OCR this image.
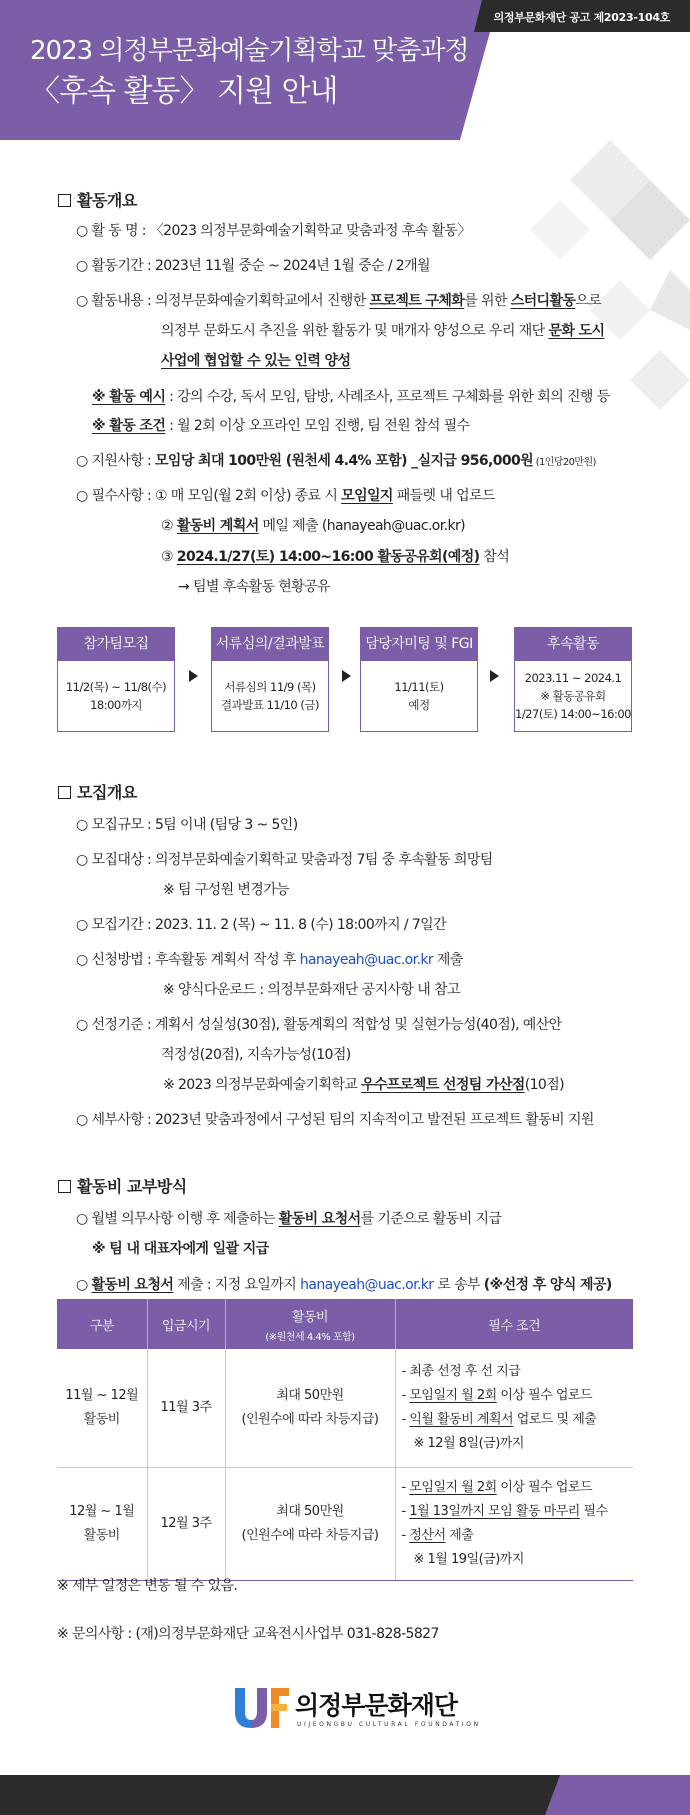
의정부문화재단 공고 제2023-104호
2023 의정부문화예술기획학교 맞춤과정
〈후속 활동〉 지원 안내
활동개요
○ 활 동 명 : 〈2023 의정부문화예술기획학교 맞춤과정 후속 활동〉
○ 활동기간 : 2023년 11월 중순 ~ 2024년 1월 중순 / 2개월
○ 활동내용 : 의정부문화예술기획학교에서 진행한 프로젝트 구체화를 위한 스터디활동으로
의정부 문화도시 추진을 위한 활동가 및 매개자 양성으로 우리 재단 문화 도시
사업에 협업할 수 있는 인력 양성
※ 활동 예시 : 강의 수강, 독서 모임, 탐방, 사례조사, 프로젝트 구체화를 위한 회의 진행 등
※ 활동 조건 : 월 2회 이상 오프라인 모임 진행, 팀 전원 참석 필수
○ 지원사항 : 모임당 최대 100만원 (원천세 4.4% 포함) _실지급 956,000원 (1인당20만원)
○ 필수사항 : ① 매 모임(월 2회 이상) 종료 시 모임일지 패들렛 내 업로드
② 활동비 계획서 메일 제출 (hanayeah@uac.or.kr)
③ 2024.1/27(토) 14:00~16:00 활동공유회(예정) 참석
→ 팀별 후속활동 현황공유
참가팀모집
11/2(목) ~ 11/8(수)
18:00까지
서류심의/결과발표
서류심의 11/9 (목)
결과발표 11/10 (금)
담당자미팅 및 FGI
11/11(토)
예정
후속활동
2023.11 ~ 2024.1
※ 활동공유회
1/27(토) 14:00~16:00
모집개요
○ 모집규모 : 5팀 이내 (팀당 3 ~ 5인)
○ 모집대상 : 의정부문화예술기획학교 맞춤과정 7팀 중 후속활동 희망팀
※ 팀 구성원 변경가능
○ 모집기간 : 2023. 11. 2 (목) ~ 11. 8 (수) 18:00까지 / 7일간
○ 신청방법 : 후속활동 계획서 작성 후 hanayeah@uac.or.kr 제출
※ 양식다운로드 : 의정부문화재단 공지사항 내 참고
○ 선정기준 : 계획서 성실성(30점), 활동계획의 적합성 및 실현가능성(40점), 예산안
적정성(20점), 지속가능성(10점)
※ 2023 의정부문화예술기획학교 우수프로젝트 선정팀 가산점(10점)
○ 세부사항 : 2023년 맞춤과정에서 구성된 팀의 지속적이고 발전된 프로젝트 활동비 지원
활동비 교부방식
○ 월별 의무사항 이행 후 제출하는 활동비 요청서를 기준으로 활동비 지급
※ 팀 내 대표자에게 일괄 지급
○ 활동비 요청서 제출 : 지정 요일까지 hanayeah@uac.or.kr 로 송부 (※선정 후 양식 제공)
구분	입금시기	활동비
(※원천세 4.4% 포함)	필수 조건

11월 ~ 12월
활동비	11월 3주	최대 50만원
(인원수에 따라 차등지급)	- 최종 선정 후 선 지급
- 모임일지 월 2회 이상 필수 업로드
- 익월 활동비 계획서 업로드 및 제출
※ 12월 8일(금)까지

12월 ~ 1월
활동비	12월 3주	최대 50만원
(인원수에 따라 차등지급)	- 모임일지 월 2회 이상 필수 업로드
- 1월 13일까지 모임 활동 마무리 필수
- 정산서 제출
※ 1월 19일(금)까지
※ 세부 일정은 변동 될 수 있음.
※ 문의사항 : (재)의정부문화재단 교육전시사업부 031-828-5827
의정부문화재단
UIJEONGBU CULTURAL FOUNDATION
